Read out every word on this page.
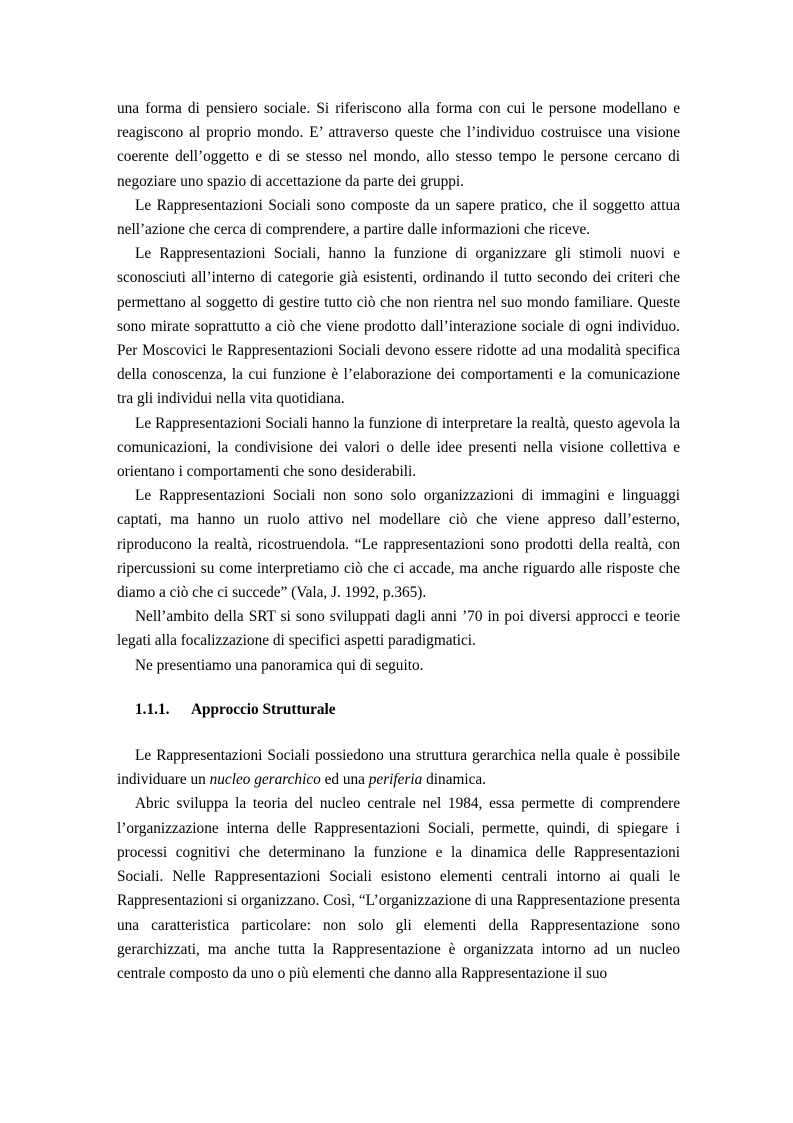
una forma di pensiero sociale. Si riferiscono alla forma con cui le persone modellano e reagiscono al proprio mondo. E’ attraverso queste che l’individuo costruisce una visione coerente dell’oggetto e di se stesso nel mondo, allo stesso tempo le persone cercano di negoziare uno spazio di accettazione da parte dei gruppi.

Le Rappresentazioni Sociali sono composte da un sapere pratico, che il soggetto attua nell’azione che cerca di comprendere, a partire dalle informazioni che riceve.

Le Rappresentazioni Sociali, hanno la funzione di organizzare gli stimoli nuovi e sconosciuti all’interno di categorie già esistenti, ordinando il tutto secondo dei criteri che permettano al soggetto di gestire tutto ciò che non rientra nel suo mondo familiare. Queste sono mirate soprattutto a ciò che viene prodotto dall’interazione sociale di ogni individuo. Per Moscovici le Rappresentazioni Sociali devono essere ridotte ad una modalità specifica della conoscenza, la cui funzione è l’elaborazione dei comportamenti e la comunicazione tra gli individui nella vita quotidiana.

Le Rappresentazioni Sociali hanno la funzione di interpretare la realtà, questo agevola la comunicazioni, la condivisione dei valori o delle idee presenti nella visione collettiva e orientano i comportamenti che sono desiderabili.

Le Rappresentazioni Sociali non sono solo organizzazioni di immagini e linguaggi captati, ma hanno un ruolo attivo nel modellare ciò che viene appreso dall’esterno, riproducono la realtà, ricostruendola. “Le rappresentazioni sono prodotti della realtà, con ripercussioni su come interpretiamo ciò che ci accade, ma anche riguardo alle risposte che diamo a ciò che ci succede” (Vala, J. 1992, p.365).

Nell’ambito della SRT si sono sviluppati dagli anni ’70 in poi diversi approcci e teorie legati alla focalizzazione di specifici aspetti paradigmatici.

Ne presentiamo una panoramica qui di seguito.

1.1.1. Approccio Strutturale

Le Rappresentazioni Sociali possiedono una struttura gerarchica nella quale è possibile individuare un nucleo gerarchico ed una periferia dinamica.

Abric sviluppa la teoria del nucleo centrale nel 1984, essa permette di comprendere l’organizzazione interna delle Rappresentazioni Sociali, permette, quindi, di spiegare i processi cognitivi che determinano la funzione e la dinamica delle Rappresentazioni Sociali. Nelle Rappresentazioni Sociali esistono elementi centrali intorno ai quali le Rappresentazioni si organizzano. Così, “L’organizzazione di una Rappresentazione presenta una caratteristica particolare: non solo gli elementi della Rappresentazione sono gerarchizzati, ma anche tutta la Rappresentazione è organizzata intorno ad un nucleo centrale composto da uno o più elementi che danno alla Rappresentazione il suo
